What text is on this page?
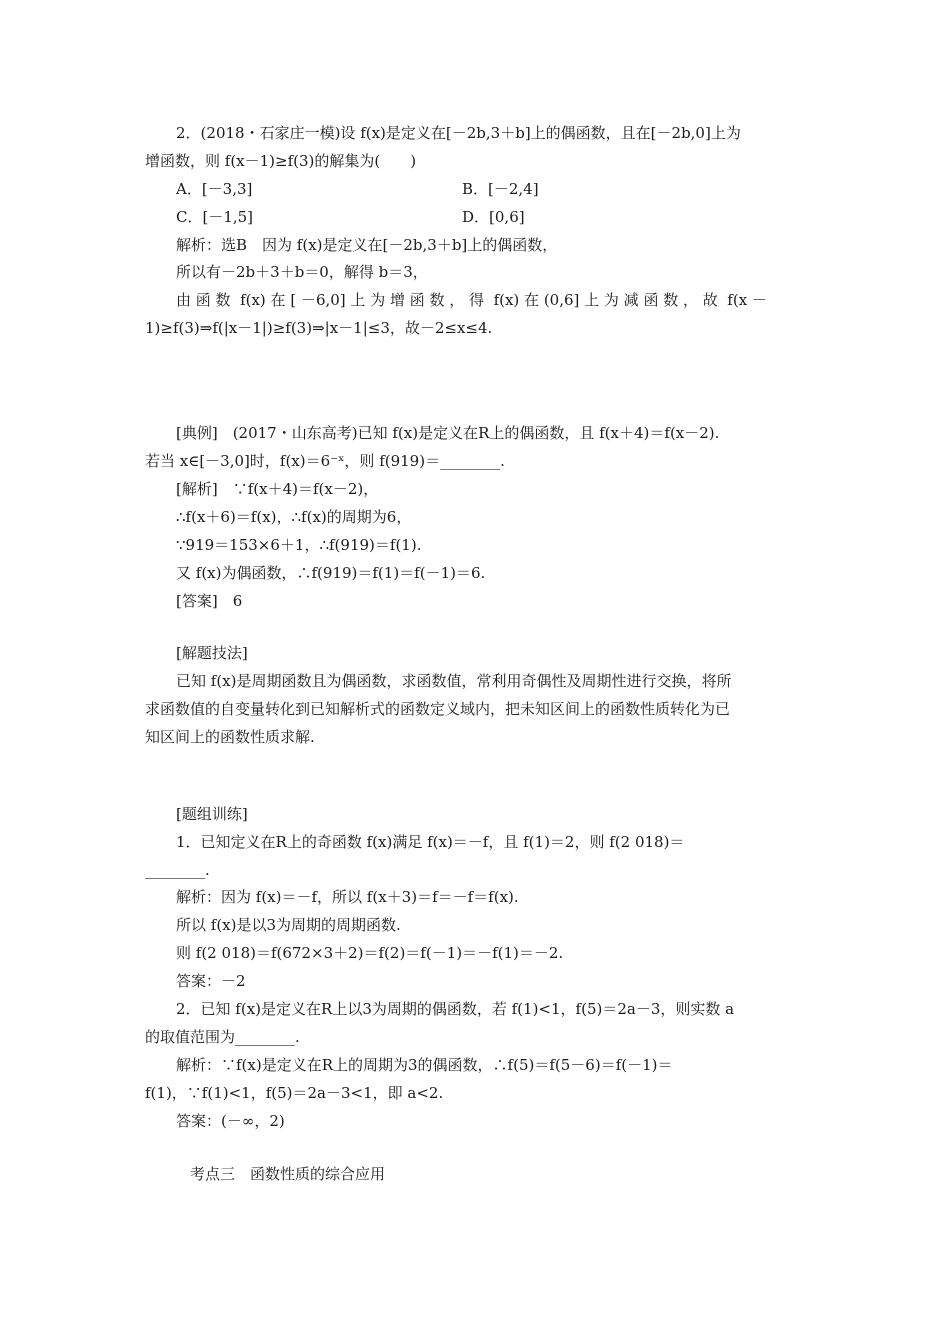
2．(2018・石家庄一模)设 f(x)是定义在[－2b,3＋b]上的偶函数，且在[－2b,0]上为
增函数，则 f(x－1)≥f(3)的解集为(　　)
A．[－3,3]	B．[－2,4]
C．[－1,5]	D．[0,6]
解析：选B　因为 f(x)是定义在[－2b,3＋b]上的偶函数，
所以有－2b＋3＋b＝0，解得 b＝3，
由 函 数  f(x) 在 [ －6,0] 上 为 增 函 数 ， 得  f(x) 在 (0,6] 上 为 减 函 数 ， 故  f(x －
1)≥f(3)⇒f(|x－1|)≥f(3)⇒|x－1|≤3，故－2≤x≤4.
[典例]　(2017・山东高考)已知 f(x)是定义在R上的偶函数，且 f(x＋4)＝f(x－2).
若当 x∈[－3,0]时，f(x)＝6⁻ˣ，则 f(919)＝________.
[解析]　∵f(x＋4)＝f(x－2)，
∴f(x＋6)＝f(x)，∴f(x)的周期为6，
∵919＝153×6＋1，∴f(919)＝f(1).
又 f(x)为偶函数，∴f(919)＝f(1)＝f(－1)＝6.
[答案]　6
[解题技法]
已知 f(x)是周期函数且为偶函数，求函数值，常利用奇偶性及周期性进行交换，将所
求函数值的自变量转化到已知解析式的函数定义域内，把未知区间上的函数性质转化为已
知区间上的函数性质求解.
[题组训练]
1．已知定义在R上的奇函数 f(x)满足 f(x)＝－f，且 f(1)＝2，则 f(2 018)＝
________.
解析：因为 f(x)＝－f，所以 f(x＋3)＝f＝－f＝f(x).
所以 f(x)是以3为周期的周期函数.
则 f(2 018)＝f(672×3＋2)＝f(2)＝f(－1)＝－f(1)＝－2.
答案：－2
2．已知 f(x)是定义在R上以3为周期的偶函数，若 f(1)<1，f(5)＝2a－3，则实数 a
的取值范围为________.
解析：∵f(x)是定义在R上的周期为3的偶函数，∴f(5)＝f(5－6)＝f(－1)＝
f(1)，∵f(1)<1，f(5)＝2a－3<1，即 a<2.
答案：(－∞，2)
考点三　函数性质的综合应用
